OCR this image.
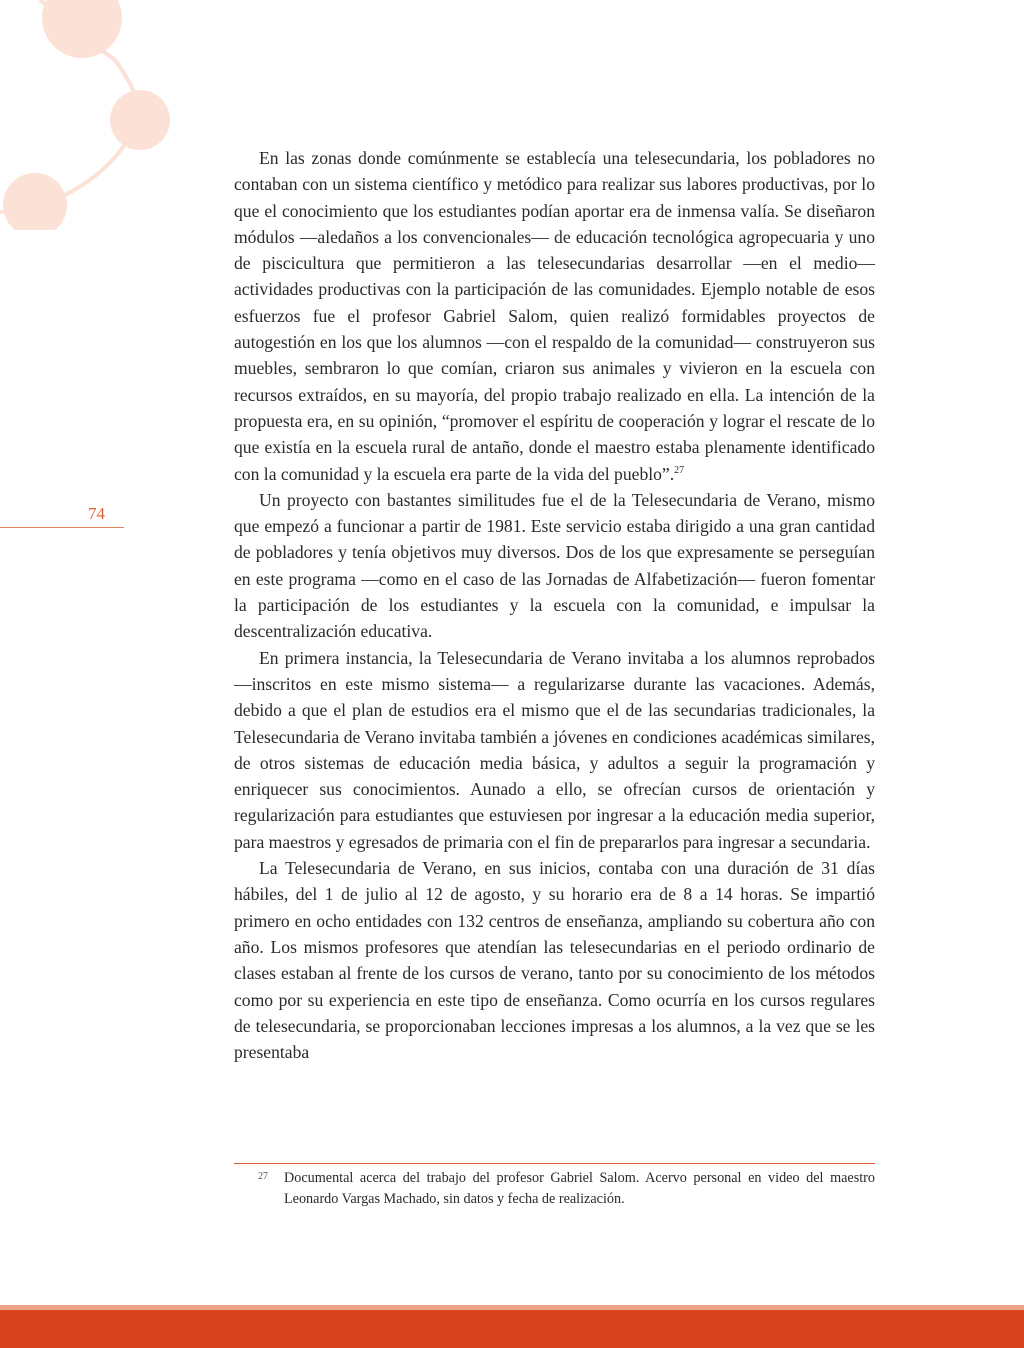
74

En las zonas donde comúnmente se establecía una telesecundaria, los pobladores no contaban con un sistema científico y metódico para realizar sus labores productivas, por lo que el conocimiento que los estudiantes podían aportar era de inmensa valía. Se diseñaron módulos —aledaños a los convencionales— de educación tecnológica agropecuaria y uno de piscicultura que permitieron a las telesecundarias desarrollar —en el medio— actividades productivas con la participación de las comunidades. Ejemplo notable de esos esfuerzos fue el profesor Gabriel Salom, quien realizó formidables proyectos de autogestión en los que los alumnos —con el respaldo de la comunidad— construyeron sus muebles, sembraron lo que comían, criaron sus animales y vivieron en la escuela con recursos extraídos, en su mayoría, del propio trabajo realizado en ella. La intención de la propuesta era, en su opinión, “promover el espíritu de cooperación y lograr el rescate de lo que existía en la escuela rural de antaño, donde el maestro estaba plenamente identificado con la comunidad y la escuela era parte de la vida del pueblo”.$^{27}$

Un proyecto con bastantes similitudes fue el de la Telesecundaria de Verano, mismo que empezó a funcionar a partir de 1981. Este servicio estaba dirigido a una gran cantidad de pobladores y tenía objetivos muy diversos. Dos de los que expresamente se perseguían en este programa —como en el caso de las Jornadas de Alfabetización— fueron fomentar la participación de los estudiantes y la escuela con la comunidad, e impulsar la descentralización educativa.

En primera instancia, la Telesecundaria de Verano invitaba a los alumnos reprobados —inscritos en este mismo sistema— a regularizarse durante las vacaciones. Además, debido a que el plan de estudios era el mismo que el de las secundarias tradicionales, la Telesecundaria de Verano invitaba también a jóvenes en condiciones académicas similares, de otros sistemas de educación media básica, y adultos a seguir la programación y enriquecer sus conocimientos. Aunado a ello, se ofrecían cursos de orientación y regularización para estudiantes que estuviesen por ingresar a la educación media superior, para maestros y egresados de primaria con el fin de prepararlos para ingresar a secundaria.

La Telesecundaria de Verano, en sus inicios, contaba con una duración de 31 días hábiles, del 1 de julio al 12 de agosto, y su horario era de 8 a 14 horas. Se impartió primero en ocho entidades con 132 centros de enseñanza, ampliando su cobertura año con año. Los mismos profesores que atendían las telesecundarias en el periodo ordinario de clases estaban al frente de los cursos de verano, tanto por su conocimiento de los métodos como por su experiencia en este tipo de enseñanza. Como ocurría en los cursos regulares de telesecundaria, se proporcionaban lecciones impresas a los alumnos, a la vez que se les presentaba

27 Documental acerca del trabajo del profesor Gabriel Salom. Acervo personal en video del maestro Leonardo Vargas Machado, sin datos y fecha de realización.
